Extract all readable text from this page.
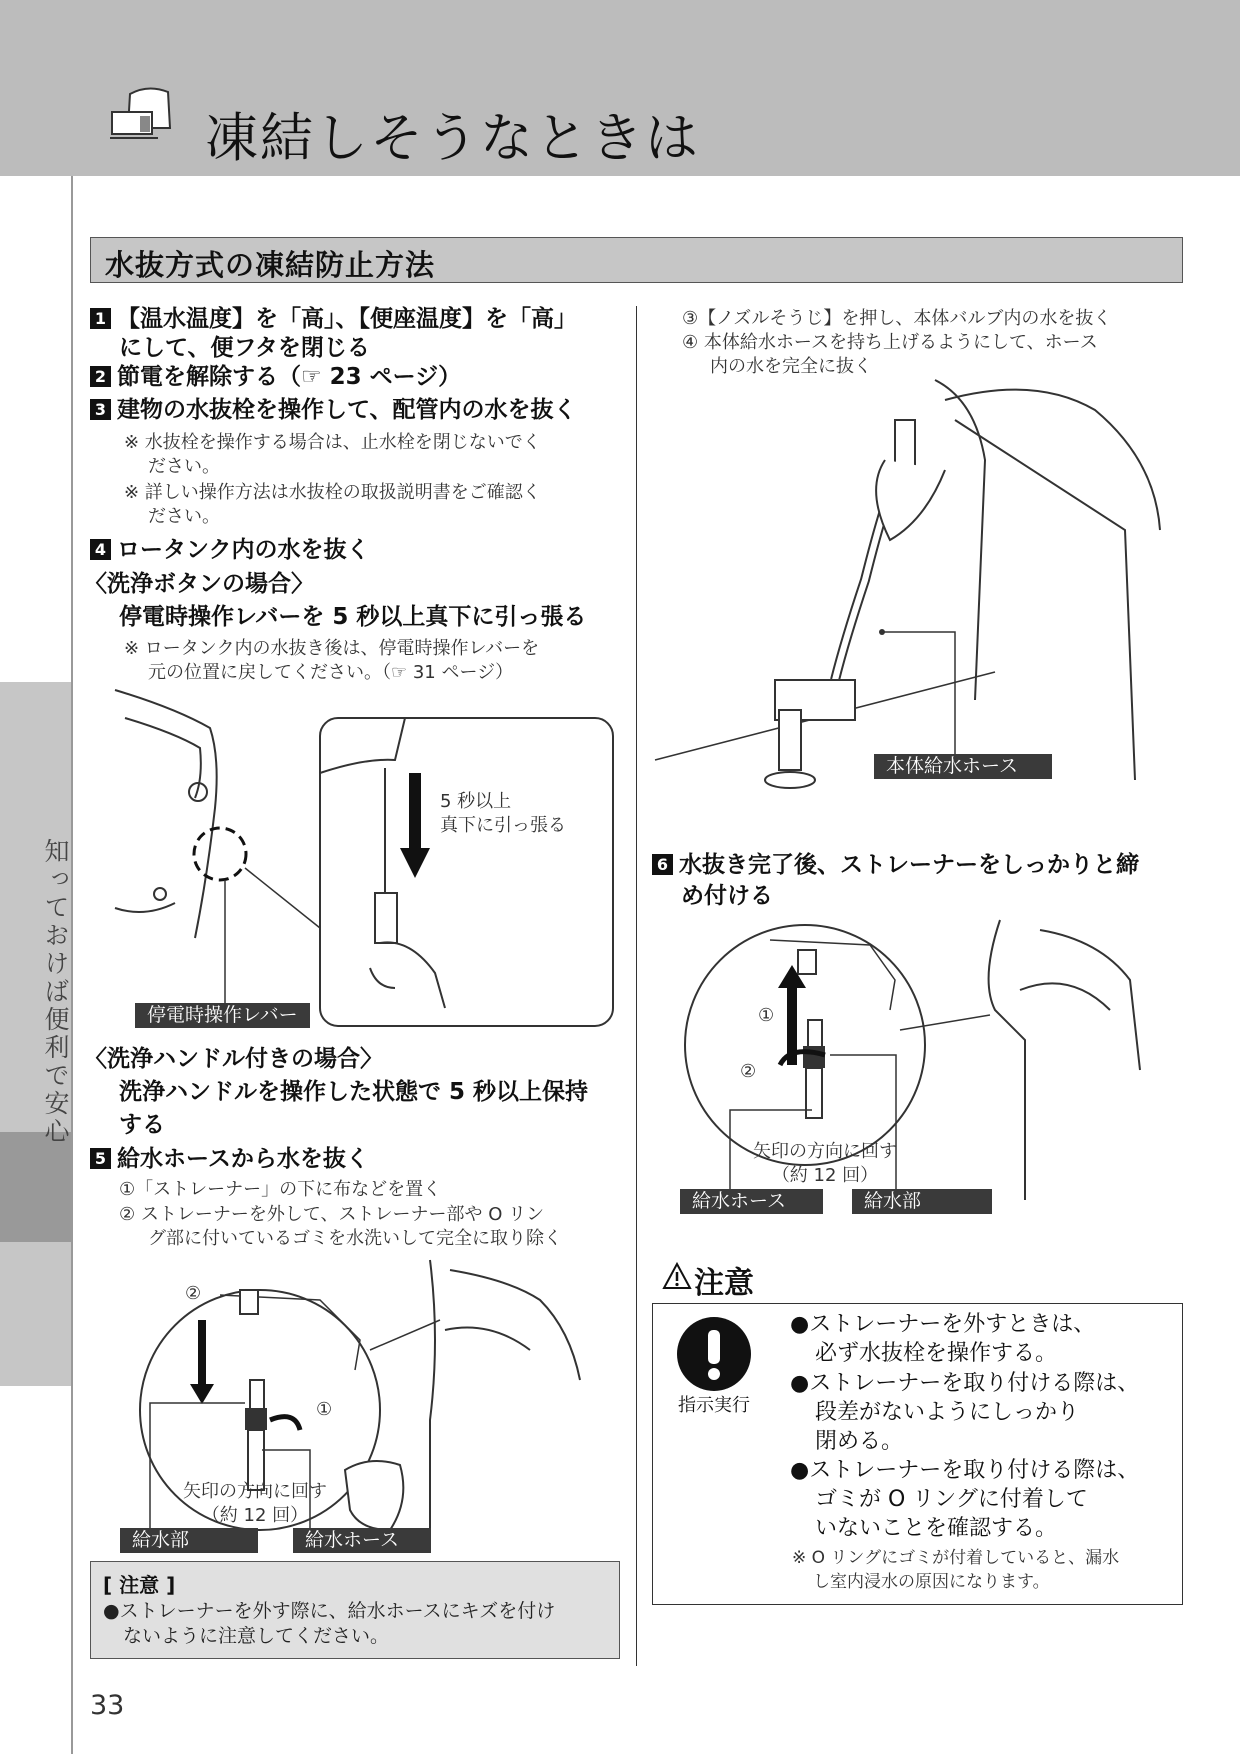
凍結しそうなときは
知っておけば便利で安心
水抜方式の凍結防止方法
1 【温水温度】を「高」、【便座温度】を「高」
にして、便フタを閉じる
2 節電を解除する（☞ 23 ページ）
3 建物の水抜栓を操作して、配管内の水を抜く
※ 水抜栓を操作する場合は、止水栓を閉じないでく
ださい。
※ 詳しい操作方法は水抜栓の取扱説明書をご確認く
ださい。
4 ロータンク内の水を抜く
〈洗浄ボタンの場合〉
停電時操作レバーを 5 秒以上真下に引っ張る
※ ロータンク内の水抜き後は、停電時操作レバーを
元の位置に戻してください。（☞ 31 ページ）
5 秒以上
真下に引っ張る
停電時操作レバー
〈洗浄ハンドル付きの場合〉
洗浄ハンドルを操作した状態で 5 秒以上保持
する
5 給水ホースから水を抜く
①「ストレーナー」の下に布などを置く
② ストレーナーを外して、ストレーナー部や O リン
グ部に付いているゴミを水洗いして完全に取り除く
②
①
矢印の方向に回す
（約 12 回）
給水部	給水ホース
[ 注意 ]
●ストレーナーを外す際に、給水ホースにキズを付け
ないように注意してください。
③【ノズルそうじ】を押し、本体バルブ内の水を抜く
④ 本体給水ホースを持ち上げるようにして、ホース
内の水を完全に抜く
本体給水ホース
6 水抜き完了後、ストレーナーをしっかりと締
め付ける
①
②
矢印の方向に回す
（約 12 回）
給水ホース	給水部
注意
指示実行
●ストレーナーを外すときは、
必ず水抜栓を操作する。
●ストレーナーを取り付ける際は、
段差がないようにしっかり
閉める。
●ストレーナーを取り付ける際は、
ゴミが O リングに付着して
いないことを確認する。
※ O リングにゴミが付着していると、漏水
し室内浸水の原因になります。
33
